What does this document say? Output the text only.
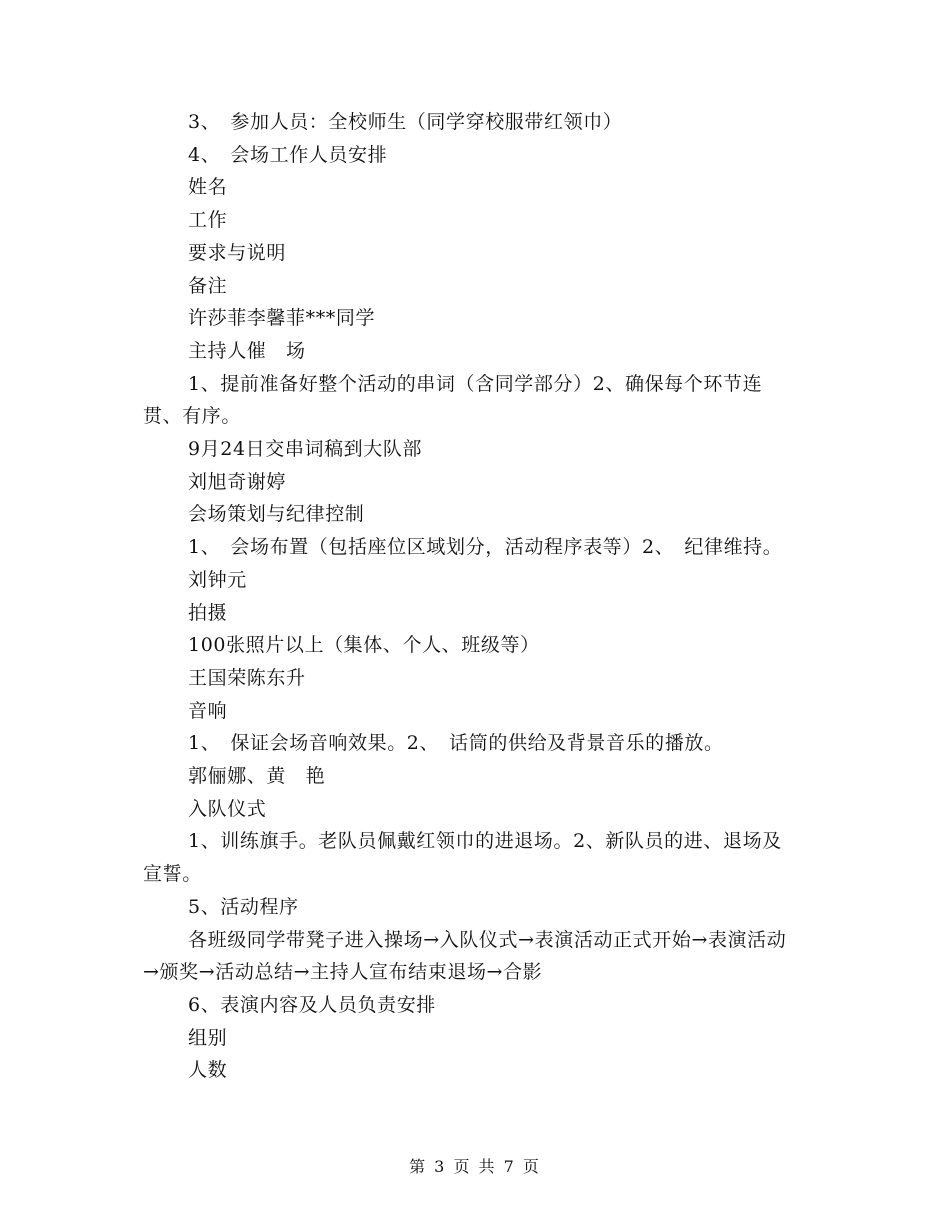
3、　参加人员：全校师生（同学穿校服带红领巾）

4、　会场工作人员安排

姓名

工作

要求与说明

备注

许莎菲李馨菲***同学

主持人催　场

1、提前准备好整个活动的串词（含同学部分）2、确保每个环节连贯、有序。

9月24日交串词稿到大队部

刘旭奇谢婷

会场策划与纪律控制

1、　会场布置（包括座位区域划分，活动程序表等）2、　纪律维持。

刘钟元

拍摄

100张照片以上（集体、个人、班级等）

王国荣陈东升

音响

1、　保证会场音响效果。2、　话筒的供给及背景音乐的播放。

郭俪娜、黄　艳

入队仪式

1、训练旗手。老队员佩戴红领巾的进退场。2、新队员的进、退场及宣誓。

5、活动程序

各班级同学带凳子进入操场→入队仪式→表演活动正式开始→表演活动→颁奖→活动总结→主持人宣布结束退场→合影

6、表演内容及人员负责安排

组别

人数

第 3 页 共 7 页
